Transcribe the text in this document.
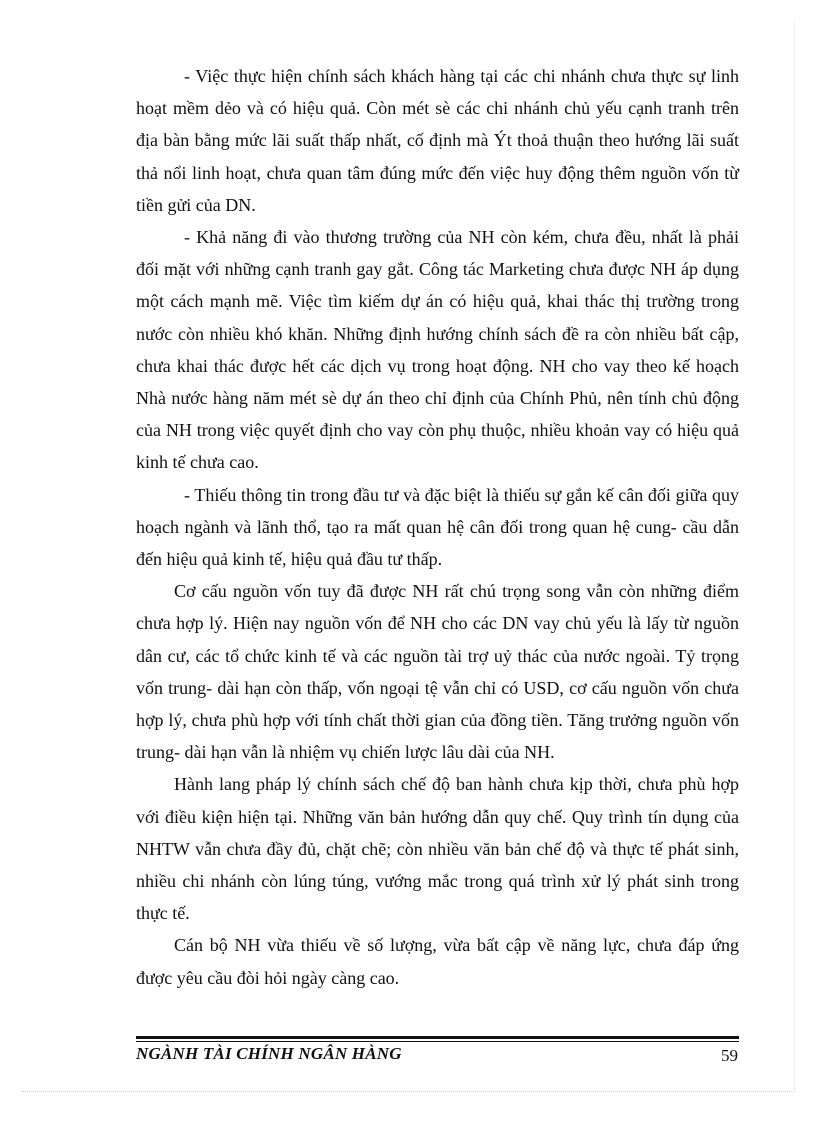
- Việc thực hiện chính sách khách hàng tại các chi nhánh chưa thực sự linh hoạt mềm dẻo và có hiệu quả. Còn mét sè các chi nhánh chủ yếu cạnh tranh trên địa bàn bằng mức lãi suất thấp nhất, cố định mà Ýt thoả thuận theo hướng lãi suất thả nổi linh hoạt, chưa quan tâm đúng mức đến việc huy động thêm nguồn vốn từ tiền gửi của DN.

- Khả năng đi vào thương trường của NH còn kém, chưa đều, nhất là phải đối mặt với những cạnh tranh gay gắt. Công tác Marketing chưa được NH áp dụng một cách mạnh mẽ. Việc tìm kiếm dự án có hiệu quả, khai thác thị trường trong nước còn nhiều khó khăn. Những định hướng chính sách đề ra còn nhiều bất cập, chưa khai thác được hết các dịch vụ trong hoạt động. NH cho vay theo kế hoạch Nhà nước hàng năm mét sè dự án theo chỉ định của Chính Phủ, nên tính chủ động của NH trong việc quyết định cho vay còn phụ thuộc, nhiều khoản vay có hiệu quả kinh tế chưa cao.

- Thiếu thông tin trong đầu tư và đặc biệt là thiếu sự gắn kế cân đối giữa quy hoạch ngành và lãnh thổ, tạo ra mất quan hệ cân đối trong quan hệ cung- cầu dẫn đến hiệu quả kinh tế, hiệu quả đầu tư thấp.

Cơ cấu nguồn vốn tuy đã được NH rất chú trọng song vẫn còn những điểm chưa hợp lý. Hiện nay nguồn vốn để NH cho các DN vay chủ yếu là lấy từ nguồn dân cư, các tổ chức kinh tế và các nguồn tài trợ uỷ thác của nước ngoài. Tỷ trọng vốn trung- dài hạn còn thấp, vốn ngoại tệ vẫn chỉ có USD, cơ cấu nguồn vốn chưa hợp lý, chưa phù hợp với tính chất thời gian của đồng tiền. Tăng trưởng nguồn vốn trung- dài hạn vẫn là nhiệm vụ chiến lược lâu dài của NH.

Hành lang pháp lý chính sách chế độ ban hành chưa kịp thời, chưa phù hợp với điều kiện hiện tại. Những văn bản hướng dẫn quy chế. Quy trình tín dụng của NHTW vẫn chưa đầy đủ, chặt chẽ; còn nhiều văn bản chế độ và thực tế phát sinh, nhiều chi nhánh còn lúng túng, vướng mắc trong quá trình xử lý phát sinh trong thực tế.

Cán bộ NH vừa thiếu về số lượng, vừa bất cập về năng lực, chưa đáp ứng được yêu cầu đòi hỏi ngày càng cao.

NGÀNH TÀI CHÍNH NGÂN HÀNG	59
